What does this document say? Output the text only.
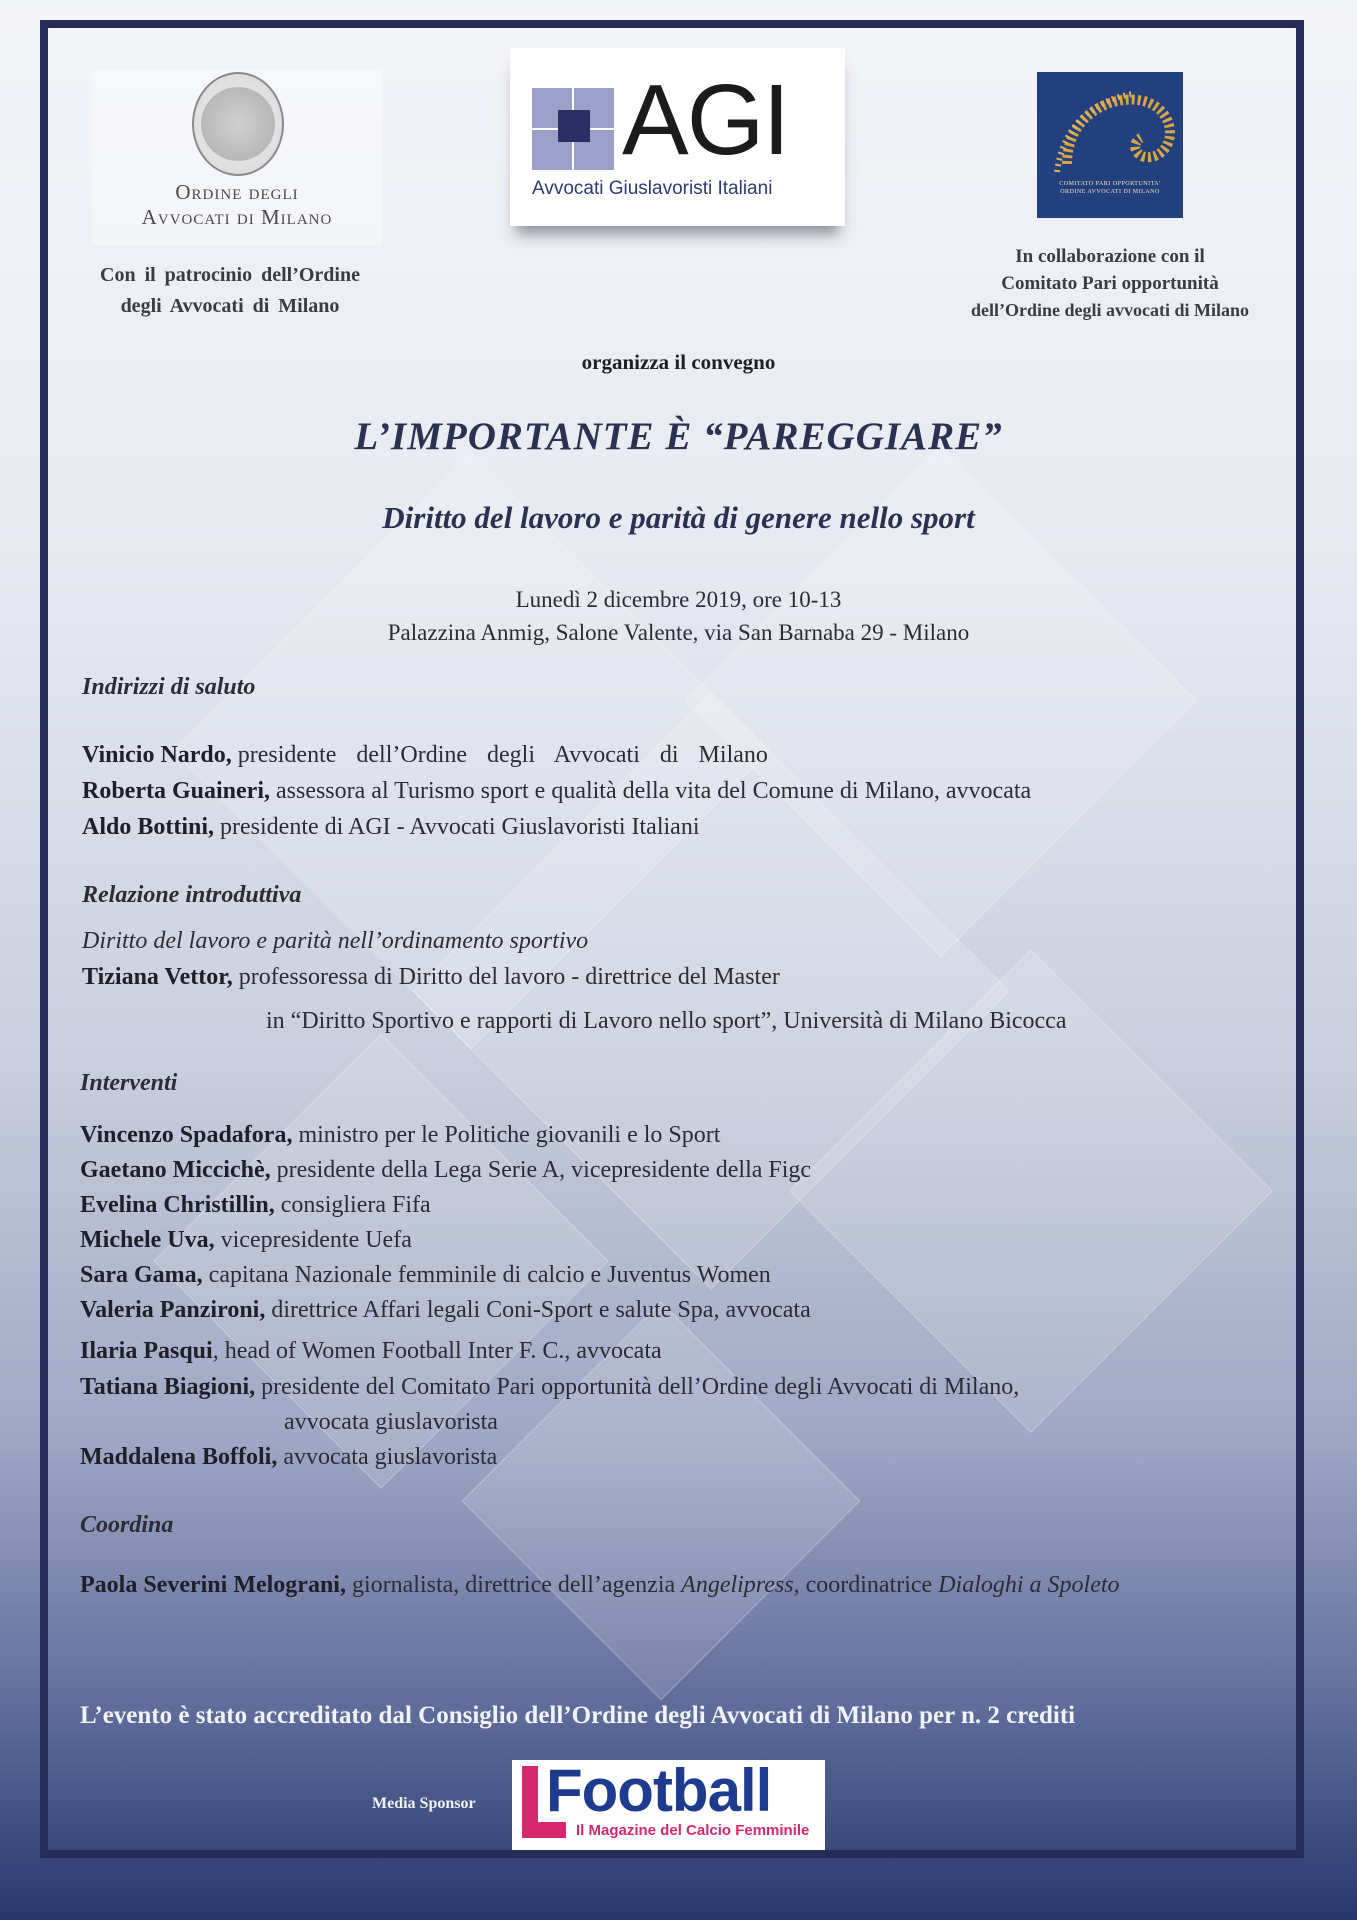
Ordine degli
Avvocati di Milano
Con il patrocinio dell’Ordine
degli Avvocati di Milano
AGI
Avvocati Giuslavoristi Italiani	COMITATO PARI OPPORTUNITA'
ORDINE AVVOCATI DI MILANO
In collaborazione con il
Comitato Pari opportunità
dell’Ordine degli avvocati di Milano
organizza il convegno
L’IMPORTANTE È “PAREGGIARE”
Diritto del lavoro e parità di genere nello sport
Lunedì 2 dicembre 2019, ore 10-13
Palazzina Anmig, Salone Valente, via San Barnaba 29 - Milano
Indirizzi di saluto
Vinicio Nardo, presidente dell’Ordine degli Avvocati di Milano
Roberta Guaineri, assessora al Turismo sport e qualità della vita del Comune di Milano, avvocata
Aldo Bottini, presidente di AGI - Avvocati Giuslavoristi Italiani
Relazione introduttiva
Diritto del lavoro e parità nell’ordinamento sportivo
Tiziana Vettor, professoressa di Diritto del lavoro - direttrice del Master
in “Diritto Sportivo e rapporti di Lavoro nello sport”, Università di Milano Bicocca
Interventi
Vincenzo Spadafora, ministro per le Politiche giovanili e lo Sport
Gaetano Miccichè, presidente della Lega Serie A, vicepresidente della Figc
Evelina Christillin, consigliera Fifa
Michele Uva, vicepresidente Uefa
Sara Gama, capitana Nazionale femminile di calcio e Juventus Women
Valeria Panzironi, direttrice Affari legali Coni-Sport e salute Spa, avvocata
Ilaria Pasqui, head of Women Football Inter F. C., avvocata
Tatiana Biagioni, presidente del Comitato Pari opportunità dell’Ordine degli Avvocati di Milano,
avvocata giuslavorista
Maddalena Boffoli, avvocata giuslavorista
Coordina
Paola Severini Melograni, giornalista, direttrice dell’agenzia Angelipress, coordinatrice Dialoghi a Spoleto
L’evento è stato accreditato dal Consiglio dell’Ordine degli Avvocati di Milano per n. 2 crediti
Media Sponsor Football
Il Magazine del Calcio Femminile
